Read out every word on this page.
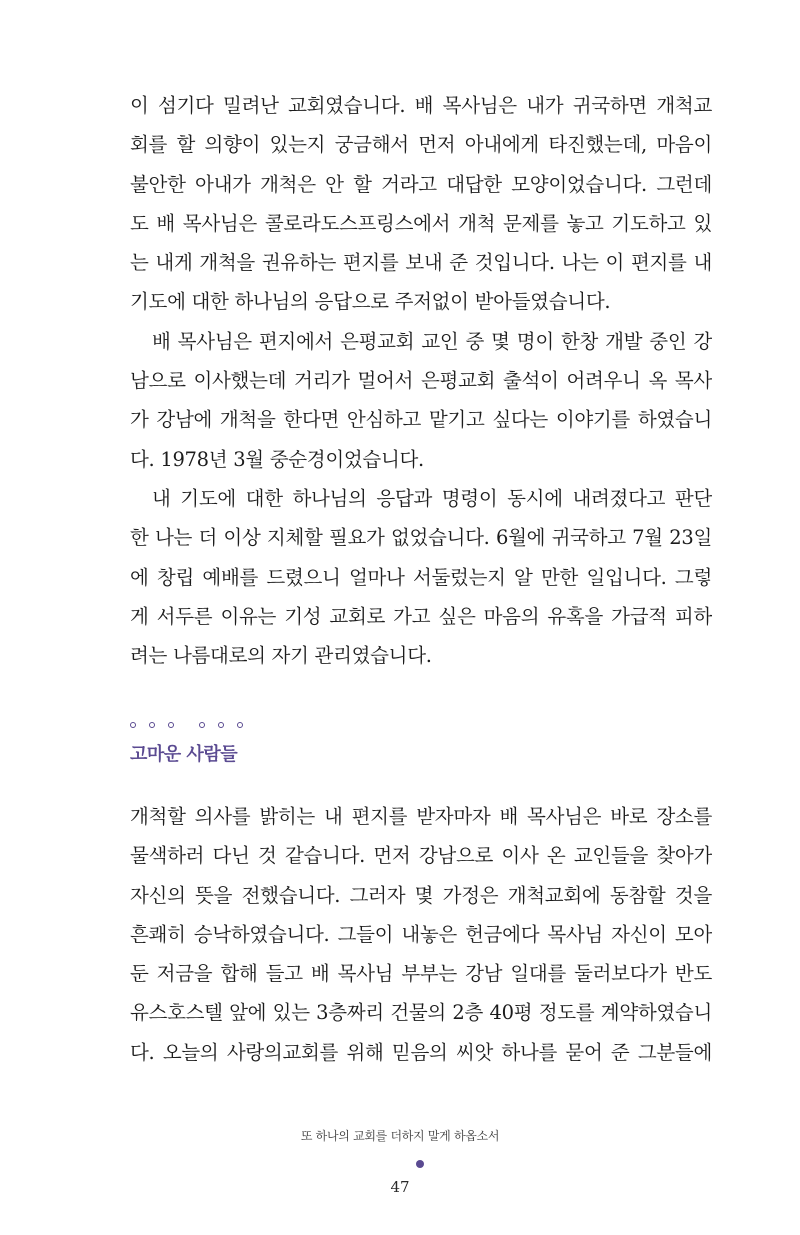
이 섬기다 밀려난 교회였습니다. 배 목사님은 내가 귀국하면 개척교
회를 할 의향이 있는지 궁금해서 먼저 아내에게 타진했는데, 마음이
불안한 아내가 개척은 안 할 거라고 대답한 모양이었습니다. 그런데
도 배 목사님은 콜로라도스프링스에서 개척 문제를 놓고 기도하고 있
는 내게 개척을 권유하는 편지를 보내 준 것입니다. 나는 이 편지를 내
기도에 대한 하나님의 응답으로 주저없이 받아들였습니다.
배 목사님은 편지에서 은평교회 교인 중 몇 명이 한창 개발 중인 강
남으로 이사했는데 거리가 멀어서 은평교회 출석이 어려우니 옥 목사
가 강남에 개척을 한다면 안심하고 맡기고 싶다는 이야기를 하였습니
다. 1978년 3월 중순경이었습니다.
내 기도에 대한 하나님의 응답과 명령이 동시에 내려졌다고 판단
한 나는 더 이상 지체할 필요가 없었습니다. 6월에 귀국하고 7월 23일
에 창립 예배를 드렸으니 얼마나 서둘렀는지 알 만한 일입니다. 그렇
게 서두른 이유는 기성 교회로 가고 싶은 마음의 유혹을 가급적 피하
려는 나름대로의 자기 관리였습니다.
고마운 사람들
개척할 의사를 밝히는 내 편지를 받자마자 배 목사님은 바로 장소를
물색하러 다닌 것 같습니다. 먼저 강남으로 이사 온 교인들을 찾아가
자신의 뜻을 전했습니다. 그러자 몇 가정은 개척교회에 동참할 것을
흔쾌히 승낙하였습니다. 그들이 내놓은 헌금에다 목사님 자신이 모아
둔 저금을 합해 들고 배 목사님 부부는 강남 일대를 둘러보다가 반도
유스호스텔 앞에 있는 3층짜리 건물의 2층 40평 정도를 계약하였습니
다. 오늘의 사랑의교회를 위해 믿음의 씨앗 하나를 묻어 준 그분들에
또 하나의 교회를 더하지 말게 하옵소서
47
